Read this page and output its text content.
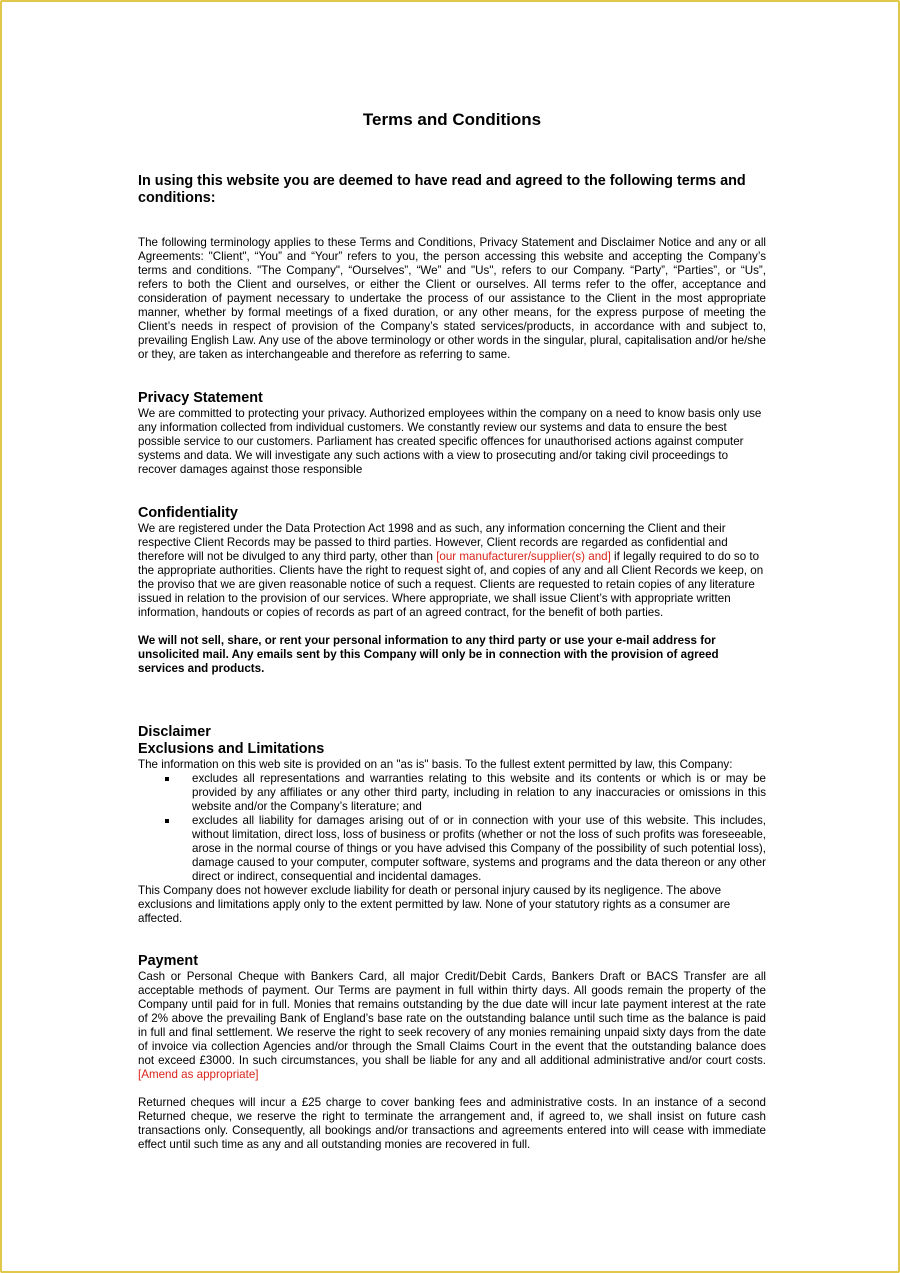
Terms and Conditions
In using this website you are deemed to have read and agreed to the following terms and conditions:

The following terminology applies to these Terms and Conditions, Privacy Statement and Disclaimer Notice and any or all Agreements: "Client", “You” and “Your” refers to you, the person accessing this website and accepting the Company’s terms and conditions. "The Company", “Ourselves”, “We” and "Us", refers to our Company. “Party”, “Parties”, or “Us”, refers to both the Client and ourselves, or either the Client or ourselves. All terms refer to the offer, acceptance and consideration of payment necessary to undertake the process of our assistance to the Client in the most appropriate manner, whether by formal meetings of a fixed duration, or any other means, for the express purpose of meeting the Client’s needs in respect of provision of the Company’s stated services/products, in accordance with and subject to, prevailing English Law. Any use of the above terminology or other words in the singular, plural, capitalisation and/or he/she or they, are taken as interchangeable and therefore as referring to same.

Privacy Statement

We are committed to protecting your privacy. Authorized employees within the company on a need to know basis only use any information collected from individual customers. We constantly review our systems and data to ensure the best possible service to our customers. Parliament has created specific offences for unauthorised actions against computer systems and data. We will investigate any such actions with a view to prosecuting and/or taking civil proceedings to recover damages against those responsible

Confidentiality

We are registered under the Data Protection Act 1998 and as such, any information concerning the Client and their respective Client Records may be passed to third parties. However, Client records are regarded as confidential and therefore will not be divulged to any third party, other than [our manufacturer/supplier(s) and] if legally required to do so to the appropriate authorities. Clients have the right to request sight of, and copies of any and all Client Records we keep, on the proviso that we are given reasonable notice of such a request. Clients are requested to retain copies of any literature issued in relation to the provision of our services. Where appropriate, we shall issue Client’s with appropriate written information, handouts or copies of records as part of an agreed contract, for the benefit of both parties.

We will not sell, share, or rent your personal information to any third party or use your e-mail address for unsolicited mail. Any emails sent by this Company will only be in connection with the provision of agreed services and products.

Disclaimer

Exclusions and Limitations

The information on this web site is provided on an "as is" basis. To the fullest extent permitted by law, this Company:

excludes all representations and warranties relating to this website and its contents or which is or may be provided by any affiliates or any other third party, including in relation to any inaccuracies or omissions in this website and/or the Company’s literature; and
excludes all liability for damages arising out of or in connection with your use of this website. This includes, without limitation, direct loss, loss of business or profits (whether or not the loss of such profits was foreseeable, arose in the normal course of things or you have advised this Company of the possibility of such potential loss), damage caused to your computer, computer software, systems and programs and the data thereon or any other direct or indirect, consequential and incidental damages.

This Company does not however exclude liability for death or personal injury caused by its negligence. The above exclusions and limitations apply only to the extent permitted by law. None of your statutory rights as a consumer are affected.

Payment

Cash or Personal Cheque with Bankers Card, all major Credit/Debit Cards, Bankers Draft or BACS Transfer are all acceptable methods of payment. Our Terms are payment in full within thirty days. All goods remain the property of the Company until paid for in full. Monies that remains outstanding by the due date will incur late payment interest at the rate of 2% above the prevailing Bank of England’s base rate on the outstanding balance until such time as the balance is paid in full and final settlement. We reserve the right to seek recovery of any monies remaining unpaid sixty days from the date of invoice via collection Agencies and/or through the Small Claims Court in the event that the outstanding balance does not exceed £3000. In such circumstances, you shall be liable for any and all additional administrative and/or court costs. [Amend as appropriate]

Returned cheques will incur a £25 charge to cover banking fees and administrative costs. In an instance of a second Returned cheque, we reserve the right to terminate the arrangement and, if agreed to, we shall insist on future cash transactions only. Consequently, all bookings and/or transactions and agreements entered into will cease with immediate effect until such time as any and all outstanding monies are recovered in full.
